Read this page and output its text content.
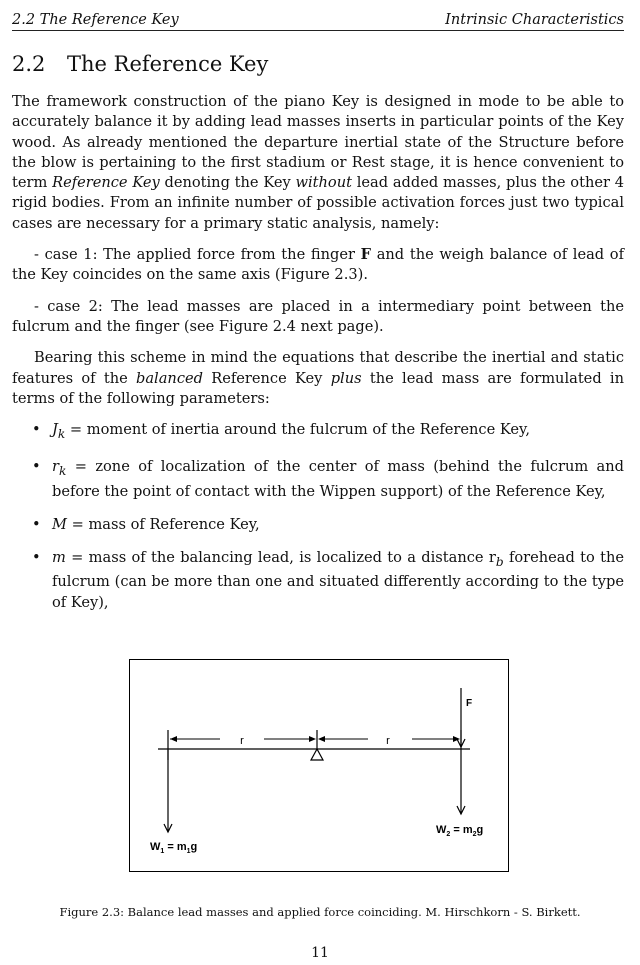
2.2 The Reference Key	Intrinsic Characteristics
2.2 The Reference Key

The framework construction of the piano Key is designed in mode to be able to accurately balance it by adding lead masses inserts in particular points of the Key wood. As already mentioned the departure inertial state of the Structure before the blow is pertaining to the first stadium or Rest stage, it is hence convenient to term Reference Key denoting the Key without lead added masses, plus the other 4 rigid bodies. From an infinite number of possible activation forces just two typical cases are necessary for a primary static analysis, namely:

- case 1: The applied force from the finger F and the weigh balance of lead of the Key coincides on the same axis (Figure 2.3).

- case 2: The lead masses are placed in a intermediary point between the fulcrum and the finger (see Figure 2.4 next page).

Bearing this scheme in mind the equations that describe the inertial and static features of the balanced Reference Key plus the lead mass are formulated in terms of the following parameters:

• $J_k$ = moment of inertia around the fulcrum of the Reference Key,
• $r_k$ = zone of localization of the center of mass (behind the fulcrum and before the point of contact with the Wippen support) of the Reference Key,
• M = mass of Reference Key,
• m = mass of the balancing lead, is localized to a distance $r_b$ forehead to the fulcrum (can be more than one and situated differently according to the type of Key),
r	r
$W_1 = m_1g$
F
$W_2 = m_2g$
Figure 2.3: Balance lead masses and applied force coinciding. M. Hirschkorn - S. Birkett.
11
